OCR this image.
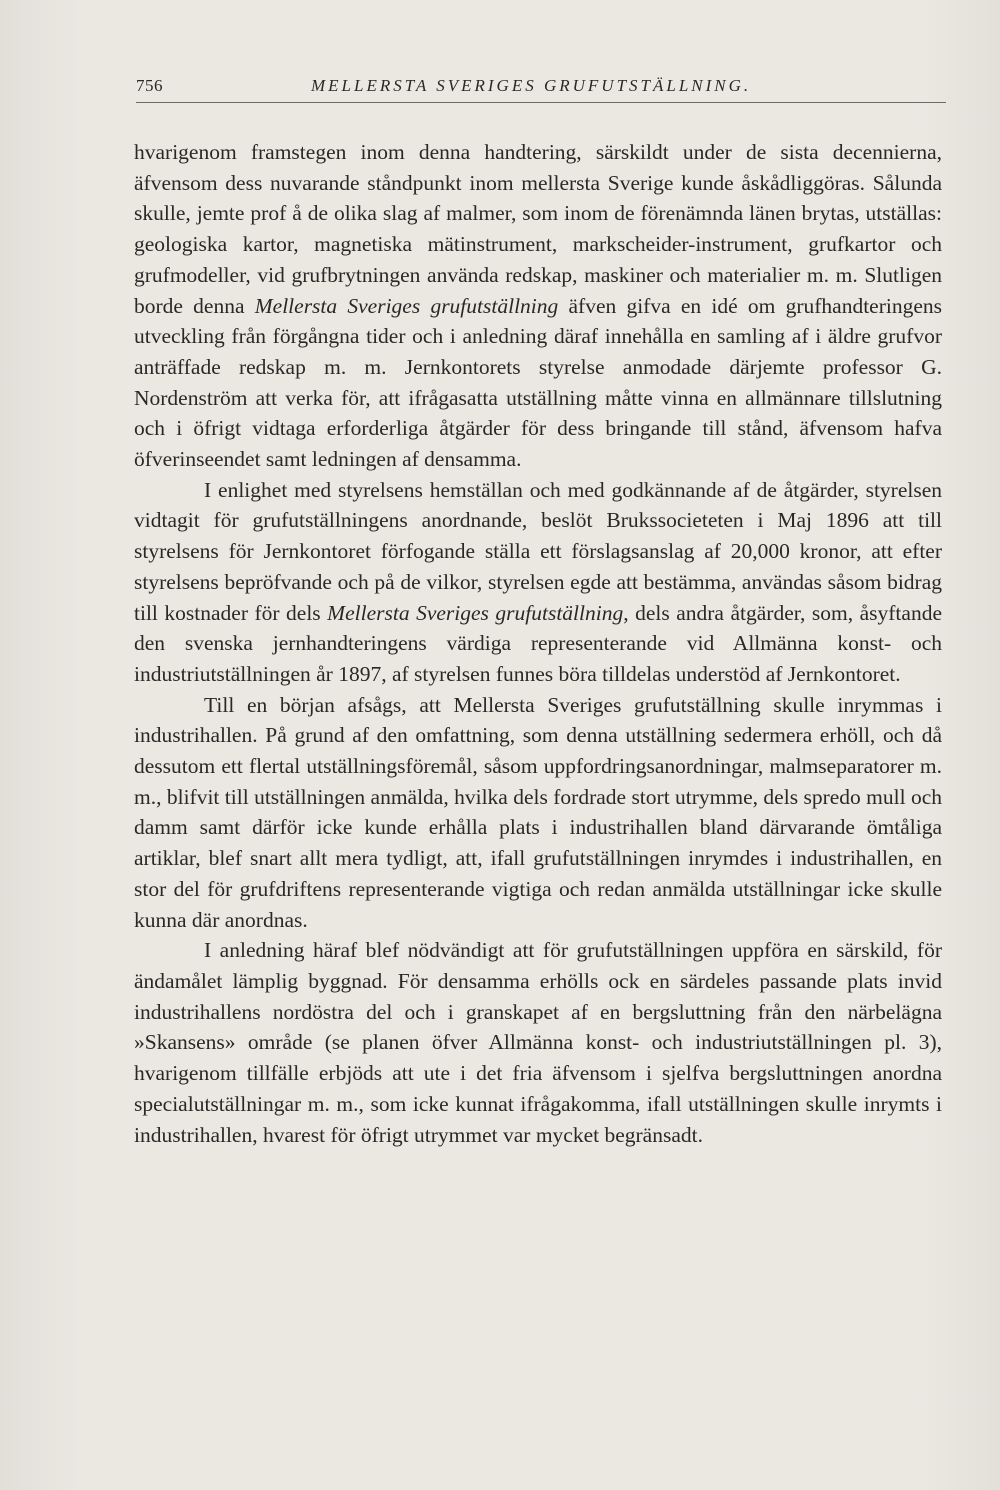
756	MELLERSTA SVERIGES GRUFUTSTÄLLNING.

hvarigenom framstegen inom denna handtering, särskildt under de sista decennierna, äfvensom dess nuvarande ståndpunkt inom mellersta Sverige kunde åskådliggöras. Sålunda skulle, jemte prof å de olika slag af malmer, som inom de förenämnda länen brytas, utställas: geologiska kartor, magnetiska mätinstrument, markscheider-instrument, grufkartor och grufmodeller, vid grufbrytningen använda redskap, maskiner och materialier m. m. Slutligen borde denna Mellersta Sveriges grufutställning äfven gifva en idé om grufhandteringens utveckling från förgångna tider och i anledning däraf innehålla en samling af i äldre grufvor anträffade redskap m. m. Jernkontorets styrelse anmodade därjemte professor G. Nordenström att verka för, att ifrågasatta utställning måtte vinna en allmännare tillslutning och i öfrigt vidtaga erforderliga åtgärder för dess bringande till stånd, äfvensom hafva öfverinseendet samt ledningen af densamma.

I enlighet med styrelsens hemställan och med godkännande af de åtgärder, styrelsen vidtagit för grufutställningens anordnande, beslöt Brukssocieteten i Maj 1896 att till styrelsens för Jernkontoret förfogande ställa ett förslagsanslag af 20,000 kronor, att efter styrelsens bepröfvande och på de vilkor, styrelsen egde att bestämma, användas såsom bidrag till kostnader för dels Mellersta Sveriges grufutställning, dels andra åtgärder, som, åsyftande den svenska jernhandteringens värdiga representerande vid Allmänna konst- och industriutställningen år 1897, af styrelsen funnes böra tilldelas understöd af Jernkontoret.

Till en början afsågs, att Mellersta Sveriges grufutställning skulle inrymmas i industrihallen. På grund af den omfattning, som denna utställning sedermera erhöll, och då dessutom ett flertal utställningsföremål, såsom uppfordringsanordningar, malmseparatorer m. m., blifvit till utställningen anmälda, hvilka dels fordrade stort utrymme, dels spredo mull och damm samt därför icke kunde erhålla plats i industrihallen bland därvarande ömtåliga artiklar, blef snart allt mera tydligt, att, ifall grufutställningen inrymdes i industrihallen, en stor del för grufdriftens representerande vigtiga och redan anmälda utställningar icke skulle kunna där anordnas.

I anledning häraf blef nödvändigt att för grufutställningen uppföra en särskild, för ändamålet lämplig byggnad. För densamma erhölls ock en särdeles passande plats invid industrihallens nordöstra del och i granskapet af en bergsluttning från den närbelägna »Skansens» område (se planen öfver Allmänna konst- och industriutställningen pl. 3), hvarigenom tillfälle erbjöds att ute i det fria äfvensom i sjelfva bergsluttningen anordna specialutställningar m. m., som icke kunnat ifrågakomma, ifall utställningen skulle inrymts i industrihallen, hvarest för öfrigt utrymmet var mycket begränsadt.
